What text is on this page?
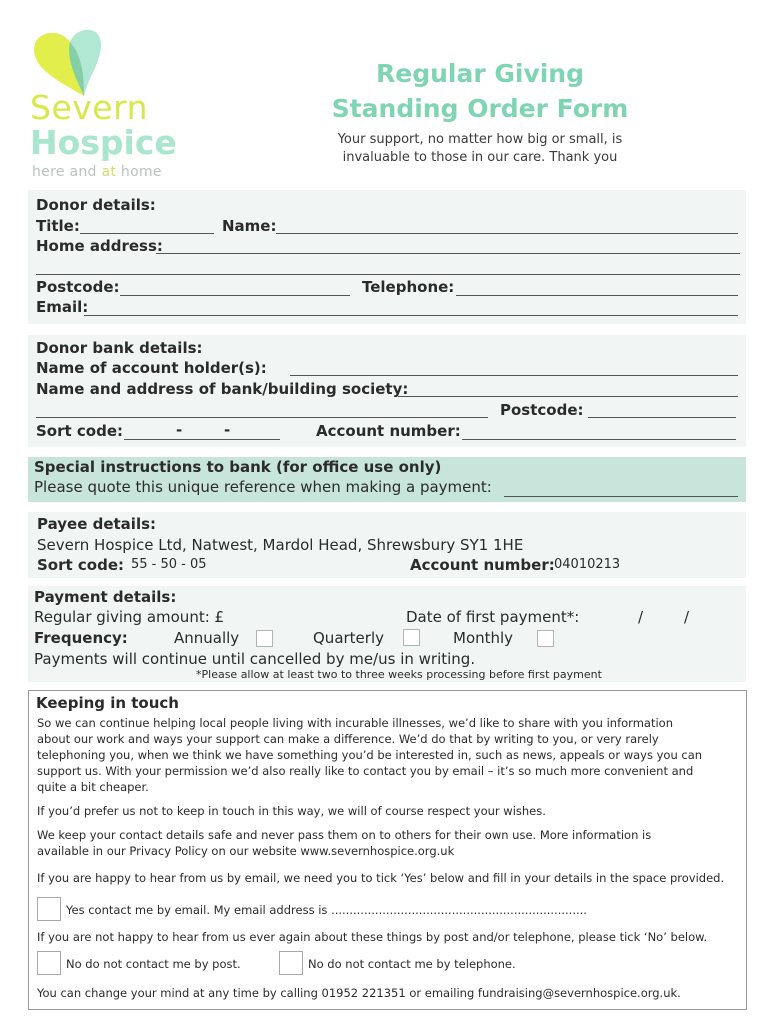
Severn
Hospice
here and at home
Regular Giving
Standing Order Form
Your support, no matter how big or small, is
invaluable to those in our care. Thank you
Donor details:
Title:	Name:
Home address:
Postcode:	Telephone:
Email:
Donor bank details:
Name of account holder(s):
Name and address of bank/building society:
Postcode:
Sort code:	-	-	Account number:
Special instructions to bank (for office use only)
Please quote this unique reference when making a payment:
Payee details:
Severn Hospice Ltd, Natwest, Mardol Head, Shrewsbury SY1 1HE
Sort code: 55 - 50 - 05	Account number: 04010213
Payment details:
Regular giving amount: £	Date of first payment*:	/	/
Frequency:	Annually	Quarterly	Monthly
Payments will continue until cancelled by me/us in writing.
*Please allow at least two to three weeks processing before first payment
Keeping in touch
So we can continue helping local people living with incurable illnesses, we’d like to share with you information
about our work and ways your support can make a difference. We’d do that by writing to you, or very rarely
telephoning you, when we think we have something you’d be interested in, such as news, appeals or ways you can
support us. With your permission we’d also really like to contact you by email – it’s so much more convenient and
quite a bit cheaper.
If you’d prefer us not to keep in touch in this way, we will of course respect your wishes.
We keep your contact details safe and never pass them on to others for their own use. More information is
available in our Privacy Policy on our website www.severnhospice.org.uk
If you are happy to hear from us by email, we need you to tick ‘Yes’ below and fill in your details in the space provided.
Yes contact me by email. My email address is ......................................................................
If you are not happy to hear from us ever again about these things by post and/or telephone, please tick ‘No’ below.
No do not contact me by post.	No do not contact me by telephone.
You can change your mind at any time by calling 01952 221351 or emailing fundraising@severnhospice.org.uk.
